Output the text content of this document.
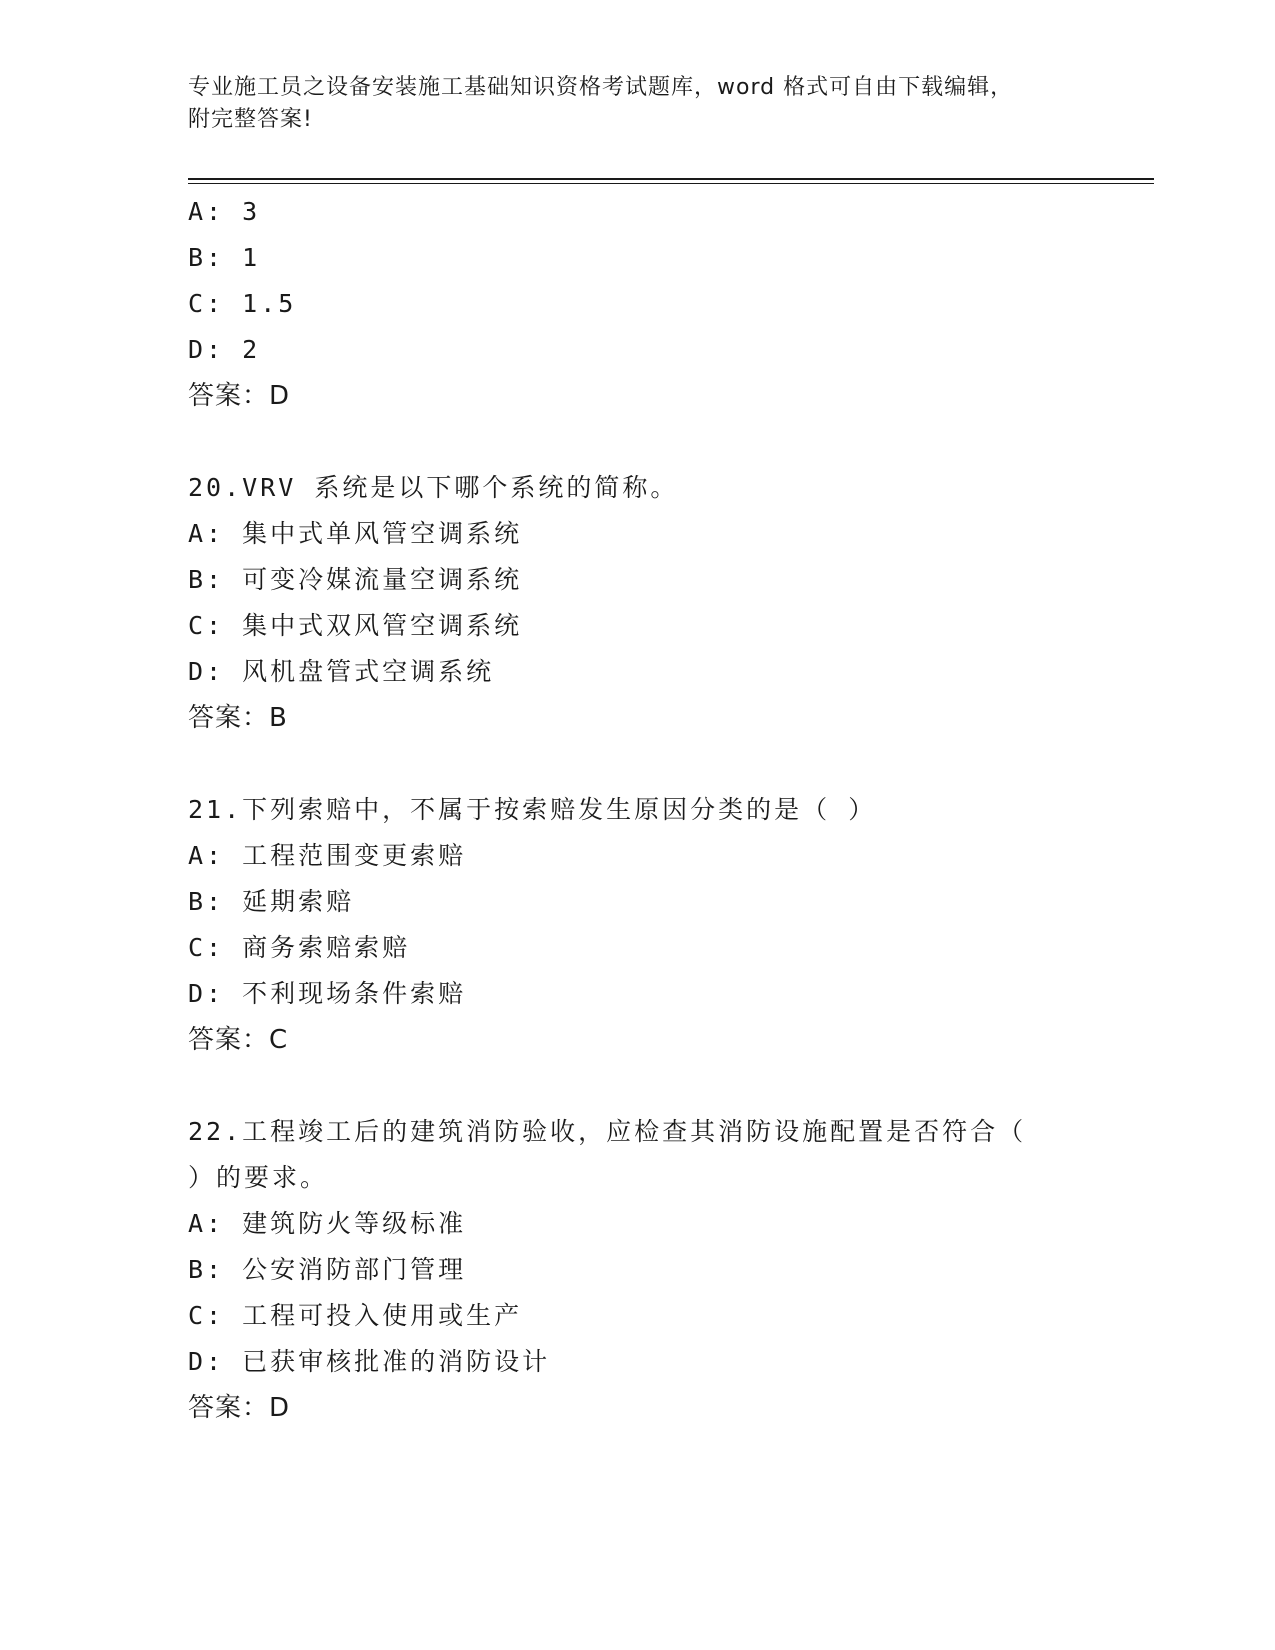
专业施工员之设备安装施工基础知识资格考试题库，word 格式可自由下载编辑，
附完整答案!
A: 3
B: 1
C: 1.5
D: 2
答案：D
20.VRV 系统是以下哪个系统的简称。
A: 集中式单风管空调系统
B: 可变冷媒流量空调系统
C: 集中式双风管空调系统
D: 风机盘管式空调系统
答案：B
21.下列索赔中，不属于按索赔发生原因分类的是（ ）
A: 工程范围变更索赔
B: 延期索赔
C: 商务索赔索赔
D: 不利现场条件索赔
答案：C
22.工程竣工后的建筑消防验收，应检查其消防设施配置是否符合（
）的要求。
A: 建筑防火等级标准
B: 公安消防部门管理
C: 工程可投入使用或生产
D: 已获审核批准的消防设计
答案：D
